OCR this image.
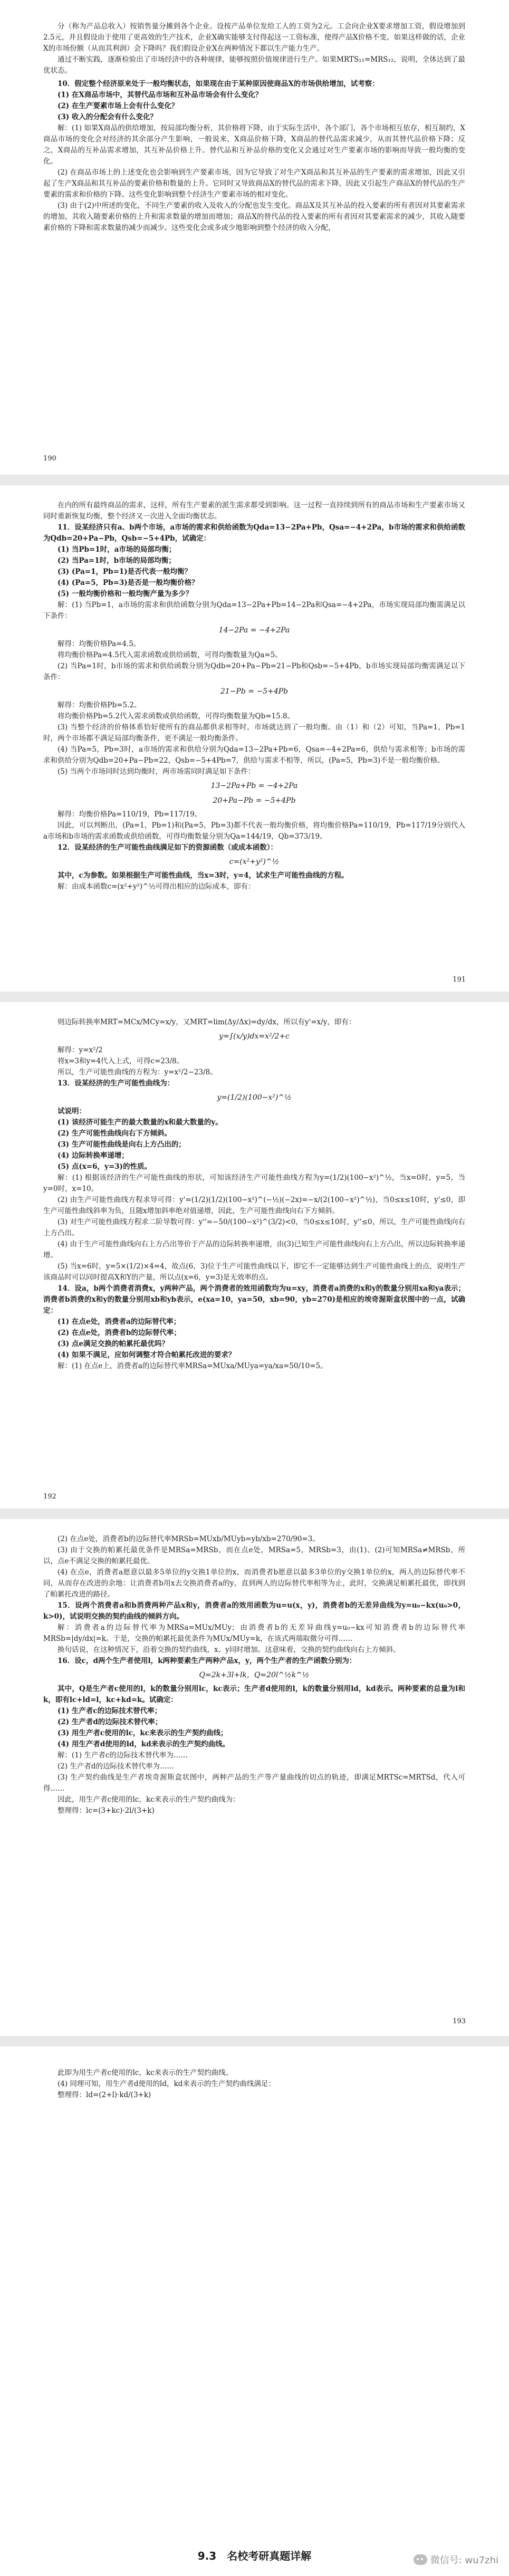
分（称为产品总收入）按销售量分摊到各个企业。设按产品单位发给工人的工资为2元。工会向企业X要求增加工资，假设增加到2.5元，并且假设由于使用了更高效的生产技术，企业X确实能够支付得起这一工资标准，使得产品X价格不变。如果这样做的话，企业X的市场份额（从而其利润）会下降吗？我们假设企业X在两种情况下都以生产能力生产。

通过不断实践，逐渐检验出了市场经济中的各种规律，能够按照价值规律进行生产。如果MRTS₁₂=MRS₁₂，说明，全体达到了最优状态。

10．假定整个经济原来处于一般均衡状态，如果现在由于某种原因使商品X的市场供给增加，试考察：

(1) 在X商品市场中，其替代品市场和互补品市场会有什么变化？

(2) 在生产要素市场上会有什么变化？

(3) 收入的分配会有什么变化？

解：(1) 如果X商品的供给增加，按局部均衡分析，其价格将下降，由于实际生活中，各个部门，各个市场相互依存，相互制约，X商品市场的变化会对经济的其余部分产生影响，一般说来，X商品价格下降，X商品的替代品需求减少，从而其替代品价格下降；反之，X商品的互补品需求增加，其互补品价格上升。替代品和互补品价格的变化又会通过对生产要素市场的影响而导致一般均衡的变化。

(2) 在商品市场上的上述变化也会影响到生产要素市场，因为它导致了对生产X商品和其互补品的生产要素的需求增加，因此又引起了生产X商品和其互补品的要素价格和数量的上升。它同时又导致商品X的替代品的需求下降，因此又引起生产商品X的替代品的生产要素的需求和价格的下降。这些变化影响到整个经济生产要素市场的相对变化。

(3) 由于(2)中所述的变化，不同生产要素的收入及收入的分配也发生变化。商品X及其互补品的投入要素的所有者因对其要素需求的增加，其收入随要素价格的上升和需求数量的增加而增加；商品X的替代品的投入要素的所有者因对其要素需求的减少，其收入随要素价格的下降和需求数量的减少而减少。这些变化会或多或少地影响到整个经济的收入分配，

190

在内的所有最终商品的需求，这样，所有生产要素的派生需求都受到影响。这一过程一直持续到所有的商品市场和生产要素市场又同时重新恢复均衡，整个经济又一次进入全面均衡状态。

11．设某经济只有a、b两个市场，a市场的需求和供给函数为Qda=13−2Pa+Pb，Qsa=−4+2Pa，b市场的需求和供给函数为Qdb=20+Pa−Pb，Qsb=−5+4Pb，试确定：

(1) 当Pb=1时，a市场的局部均衡；

(2) 当Pa=1时，b市场的局部均衡；

(3) (Pa=1，Pb=1)是否代表一般均衡？

(4) (Pa=5，Pb=3)是否是一般均衡价格？

(5) 一般均衡价格和一般均衡产量为多少？

解：(1) 当Pb=1，a市场的需求和供给函数分别为Qda=13−2Pa+Pb=14−2Pa和Qsa=−4+2Pa，市场实现局部均衡需满足以下条件：

14−2Pa = −4+2Pa

解得：均衡价格Pa=4.5。

将均衡价格Pa=4.5代入需求函数或供给函数，可得均衡数量为Qa=5。

(2) 当Pa=1时，b市场的需求和供给函数分别为Qdb=20+Pa−Pb=21−Pb和Qsb=−5+4Pb，b市场实现局部均衡需满足以下条件：

21−Pb = −5+4Pb

解得：均衡价格Pb=5.2。

将均衡价格Pb=5.2代入需求函数或供给函数，可得均衡数量为Qb=15.8。

(3) 当整个经济的价格体系恰好使所有的商品都供求相等时，市场就达到了一般均衡。由（1）和（2）可知，当Pa=1，Pb=1时，两个市场都不满足局部均衡条件，更不满足一般均衡条件。

(4) 当Pa=5，Pb=3时，a市场的需求和供给分别为Qda=13−2Pa+Pb=6，Qsa=−4+2Pa=6，供给与需求相等；b市场的需求和供给分别为Qdb=20+Pa−Pb=22，Qsb=−5+4Pb=7，供给与需求不相等，所以，(Pa=5，Pb=3)不是一般均衡价格。

(5) 当两个市场同时达到均衡时，两市场需同时满足如下条件：

13−2Pa+Pb = −4+2Pa
20+Pa−Pb = −5+4Pb

解得：均衡价格Pa=110/19，Pb=117/19。

因此，可以判断出，(Pa=1，Pb=1)和(Pa=5，Pb=3)都不代表一般均衡价格，将均衡价格Pa=110/19，Pb=117/19分别代入a市场和b市场的需求函数或供给函数，可得均衡数量分别为Qa=144/19，Qb=373/19。

12．设某经济的生产可能性曲线满足如下的资源函数（或成本函数）：

c=(x²+y²)^½

其中，c为参数。如果根据生产可能性曲线，当x=3时，y=4，试求生产可能性曲线的方程。

解：由成本函数c=(x²+y²)^½可得出相应的边际成本，即有：

191

则边际转换率MRT=MCx/MCy=x/y，又MRT=lim(Δy/Δx)=dy/dx，所以有y'=x/y，即有：

y=∫(x/y)dx=x²/2+c

解得：y=x²/2

将x=3和y=4代入上式，可得c=23/8。

所以，生产可能性曲线的方程为：y=x²/2−23/8。

13．设某经济的生产可能性曲线为：

y=(1/2)(100−x²)^½

试说明：

(1) 该经济可能生产的最大数量的x和最大数量的y。

(2) 生产可能性曲线向右下方倾斜。

(3) 生产可能性曲线是向右上方凸出的；

(4) 边际转换率递增；

(5) 点(x=6，y=3)的性质。

解：(1) 根据该经济的生产可能性曲线的形状，可知该经济生产可能性曲线方程为y=(1/2)(100−x²)^½，当x=0时，y=5，当y=0时，x=10。

(2) 由生产可能性曲线方程求导可得：y'=(1/2)(1/2)(100−x²)^(−½)(−2x)=−x/(2(100−x²)^½)，当0≤x≤10时，y'≤0，即生产可能性曲线斜率为负，且随x增加斜率绝对值递增，因此，生产可能性曲线向右下方倾斜。

(3) 对生产可能性曲线方程求二阶导数可得：y''=−50/(100−x²)^(3/2)<0，当0≤x≤10时，y''≤0，所以，生产可能性曲线向右上方凸出。

(4) 由于生产可能性曲线向右上方凸出等价于产品的边际转换率递增，由(3)已知生产可能性曲线向右上方凸出，所以边际转换率递增。

(5) 当x=6时，y=5×(1/2)×4=4，故点(6，3)位于生产可能性曲线以下，即它不一定能够达到生产可能性曲线上的点，说明生产该商品时可以同时提高X和Y的产量，所以点(x=6，y=3)是无效率的点。

14．设a，b两个消费者消费x，y两种产品，两个消费者的效用函数均为u=xy，消费者a消费的x和y的数量分别用xa和ya表示；消费者b消费的x和y的数量分别用xb和yb表示，e(xa=10，ya=50，xb=90，yb=270)是相应的埃奇渥斯盒状图中的一点，试确定：

(1) 在点e处，消费者a的边际替代率；

(2) 在点e处，消费者b的边际替代率；

(3) 点e满足交换的帕累托最优吗？

(4) 如果不满足，应如何调整才符合帕累托改进的要求？

解：(1) 在点e上，消费者a的边际替代率MRSa=MUxa/MUya=ya/xa=50/10=5。

192

(2) 在点e处，消费者b的边际替代率MRSb=MUxb/MUyb=yb/xb=270/90=3。

(3) 由于交换的帕累托最优条件是MRSa=MRSb，而在点e处，MRSa=5，MRSb=3，由(1)、(2)可知MRSa≠MRSb，所以，点e不满足交换的帕累托最优。

(4) 在点e，消费者a愿意以最多5单位的y交换1单位的x，而消费者b愿意以最多3单位的y交换1单位的x，两人的边际替代率不同，从而存在改进的余地：让消费者b用x去交换消费者a的y，直到两人的边际替代率相等为止，此时，交换满足帕累托最优，即找到了帕累托改进的路径。

15．设两个消费者a和b消费两种产品x和y，消费者a的效用函数为u=u(x，y)，消费者b的无差异曲线为y=u₀−kx(u₀>0，k>0)，试说明交换的契约曲线的倾斜方向。

解：消费者a的边际替代率为MRSa=MUx/MUy；由消费者b的无差异曲线y=u₀−kx可知消费者b的边际替代率MRSb=|dy/dx|=k。于是，交换的帕累托最优条件为MUx/MUy=k，在该式两端取微分可得……

换句话说，在这种情况下，沿着交换的契约曲线，x、y同时增加。这意味着，交换的契约曲线向右上方倾斜。

16．设c，d两个生产者使用l，k两种要素生产两种产品x，y，两个生产者的生产函数分别为：

Q=2k+3l+lk，Q=20l^½k^½

其中，Q是生产者c使用的l，k的数量分别用lc，kc表示；生产者d使用的l，k的数量分别用ld，kd表示。两种要素的总量为l和k，即有lc+ld=l，kc+kd=k。试确定：

(1) 生产者c的边际技术替代率；

(2) 生产者d的边际技术替代率；

(3) 用生产者c使用的lc，kc来表示的生产契约曲线；

(4) 用生产者d使用的ld，kd来表示的生产契约曲线。

解：(1) 生产者c的边际技术替代率为……

(2) 生产者d的边际技术替代率为……

(3) 生产契约曲线是生产者埃奇渥斯盒状图中，两种产品的生产等产量曲线的切点的轨迹，即满足MRTSc=MRTSd，代入可得……

因此，用生产者c使用的lc，kc来表示的生产契约曲线为：

整理得：lc=(3+kc)·2l/(3+k)

193

此即为用生产者c使用的lc，kc来表示的生产契约曲线。

(4) 同理可知，用生产者d使用的ld，kd来表示的生产契约曲线满足：

整理得：ld=(2+l)·kd/(3+k)

9.3　名校考研真题详解	微信号: wu7zhi
